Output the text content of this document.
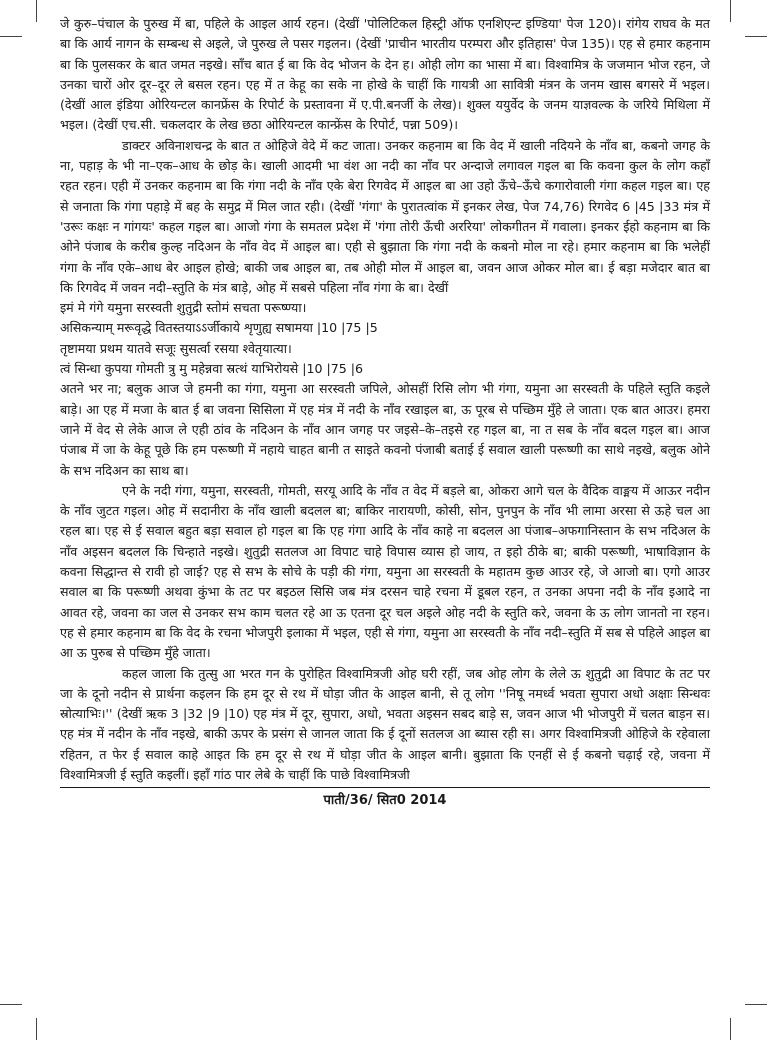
जे कुरु–पंचाल के पुरुख में बा, पहिले के आइल आर्य रहन। (देखीं 'पोलिटिकल हिस्ट्री ऑफ एनशिएन्ट इण्डिया' पेज 120)। रांगेय राघव के मत बा कि आर्य नागन के सम्बन्ध से अइले, जे पुरुख ले पसर गइलन। (देखीं 'प्राचीन भारतीय परम्परा और इतिहास' पेज 135)। एह से हमार कहनाम बा कि पुलसकर के बात जमत नइखे। साँच बात ई बा कि वेद भोजन के देन ह। ओही लोग का भासा में बा। विश्वामित्र के जजमान भोज रहन, जे उनका चारों ओर दूर–दूर ले बसल रहन। एह में त केहू का सके ना होखे के चाहीं कि गायत्री आ सावित्री मंत्रन के जनम खास बगसरे में भइल। (देखीं आल इंडिया ओरियन्टल कानफ्रेंस के रिपोर्ट के प्रस्तावना में ए.पी.बनर्जी के लेख)। शुक्ल ययुर्वेद के जनम याज्ञवल्क के जरिये मिथिला में भइल। (देखीं एच.सी. चकलदार के लेख छठा ओरियन्टल कान्फ्रेंस के रिपोर्ट, पन्ना 509)।

डाक्टर अविनाशचन्द्र के बात त ओहिजे वेदे में कट जाता। उनकर कहनाम बा कि वेद में खाली नदियने के नाँव बा, कबनो जगह के ना, पहाड़ के भी ना–एक–आध के छोड़ के। खाली आदमी भा वंश आ नदी का नाँव पर अन्दाजे लगावल गइल बा कि कवना कुल के लोग कहाँ रहत रहन। एही में उनकर कहनाम बा कि गंगा नदी के नाँव एके बेरा रिगवेद में आइल बा आ उहो ऊँचे–ऊँचे कगारोवाली गंगा कहल गइल बा। एह से जनाता कि गंगा पहाड़े में बह के समुद्र में मिल जात रही। (देखीं 'गंगा' के पुरातत्वांक में इनकर लेख, पेज 74,76) रिगवेद 6 |45 |33 मंत्र में 'उरूः कक्षः न गांगयः' कहल गइल बा। आजो गंगा के समतल प्रदेश में 'गंगा तोरी ऊँची अररिया' लोकगीतन में गवाला। इनकर ईहो कहनाम बा कि ओने पंजाब के करीब कुल्ह नदिअन के नाँव वेद में आइल बा। एही से बुझाता कि गंगा नदी के कबनो मोल ना रहे। हमार कहनाम बा कि भलेहीं गंगा के नाँव एके–आध बेर आइल होखे; बाकी जब आइल बा, तब ओही मोल में आइल बा, जवन आज ओकर मोल बा। ई बड़ा मजेदार बात बा कि रिगवेद में जवन नदी–स्तुति के मंत्र बाड़े, ओह में सबसे पहिला नाँव गंगा के बा। देखीं

इमं मे गंगे यमुना सरस्वती शुतुद्री स्तोमं सचता परूष्ण्या।

असिकन्याम् मरूवृद्धे वितस्तयाऽऽर्जीकाये शृणुह्य सषामया |10 |75 |5

तृष्टामया प्रथम यातवे सजूः सुसर्त्वा रसया श्वेतृयात्या।

त्वं सिन्धा कुपया गोमती त्रु मु महेन्नवा स्रत्थं याभिरोयसे |10 |75 |6

अतने भर ना; बलुक आज जे हमनी का गंगा, यमुना आ सरस्वती जपिले, ओसहीं रिसि लोग भी गंगा, यमुना आ सरस्वती के पहिले स्तुति कइले बाड़े। आ एह में मजा के बात ई बा जवना सिसिला में एह मंत्र में नदी के नाँव रखाइल बा, ऊ पूरब से पच्छिम मुँहे ले जाता। एक बात आउर। हमरा जाने में वेद से लेके आज ले एही ठांव के नदिअन के नाँव आन जगह पर जइसे–के–तइसे रह गइल बा, ना त सब के नाँव बदल गइल बा। आज पंजाब में जा के केहू पूछे कि हम परूष्णी में नहाये चाहत बानी त साइते कवनो पंजाबी बताई ई सवाल खाली परूष्णी का साथे नइखे, बलुक ओने के सभ नदिअन का साथ बा।

एने के नदी गंगा, यमुना, सरस्वती, गोमती, सरयू आदि के नाँव त वेद में बड़ले बा, ओकरा आगे चल के वैदिक वाङ्मय में आऊर नदीन के नाँव जुटत गइल। ओह में सदानीरा के नाँव खाली बदलल बा; बाकिर नारायणी, कोसी, सोन, पुनपुन के नाँव भी लामा अरसा से ऊहे चल आ रहल बा। एह से ई सवाल बहुत बड़ा सवाल हो गइल बा कि एह गंगा आदि के नाँव काहे ना बदलल आ पंजाब–अफगानिस्तान के सभ नदिअल के नाँव अइसन बदलल कि चिन्हाते नइखे। शुतुद्री सतलज आ विपाट चाहे विपास व्यास हो जाय, त इहो ठीके बा; बाकी परूष्णी, भाषाविज्ञान के कवना सिद्धान्त से रावी हो जाई? एह से सभ के सोचे के पड़ी की गंगा, यमुना आ सरस्वती के महातम कुछ आउर रहे, जे आजो बा। एगो आउर सवाल बा कि परूष्णी अथवा कुंभा के तट पर बइठल सिसि जब मंत्र दरसन चाहे रचना में डूबल रहन, त उनका अपना नदी के नाँव इआदे ना आवत रहे, जवना का जल से उनकर सभ काम चलत रहे आ ऊ एतना दूर चल अइले ओह नदी के स्तुति करे, जवना के ऊ लोग जानतो ना रहन। एह से हमार कहनाम बा कि वेद के रचना भोजपुरी इलाका में भइल, एही से गंगा, यमुना आ सरस्वती के नाँव नदी–स्तुति में सब से पहिले आइल बा आ ऊ पुरुब से पच्छिम मुँहे जाता।

कहल जाला कि तुत्सु आ भरत गन के पुरोहित विश्वामित्रजी ओह घरी रहीं, जब ओह लोग के लेले ऊ शुतुद्री आ विपाट के तट पर जा के दूनो नदीन से प्रार्थना कइलन कि हम दूर से रथ में घोड़ा जीत के आइल बानी, से तू लोग ''निषू नमर्ध्व भवता सुपारा अधो अक्षाः सिन्धवः स्रोत्याभिः।'' (देखीं ऋक 3 |32 |9 |10) एह मंत्र में दूर, सुपारा, अधो, भवता अइसन सबद बाड़े स, जवन आज भी भोजपुरी में चलत बाड़न स। एह मंत्र में नदीन के नाँव नइखे, बाकी ऊपर के प्रसंग से जानल जाता कि ई दूनों सतलज आ ब्यास रही स। अगर विश्वामित्रजी ओहिजे के रहेवाला रहितन, त फेर ई सवाल काहे आइत कि हम दूर से रथ में घोड़ा जीत के आइल बानी। बुझाता कि एनहीं से ई कबनो चढ़ाई रहे, जवना में विश्वामित्रजी ई स्तुति कइलीं। इहाँ गांठ पार लेबे के चाहीं कि पाछे विश्वामित्रजी

पाती/36/ सित0 2014
